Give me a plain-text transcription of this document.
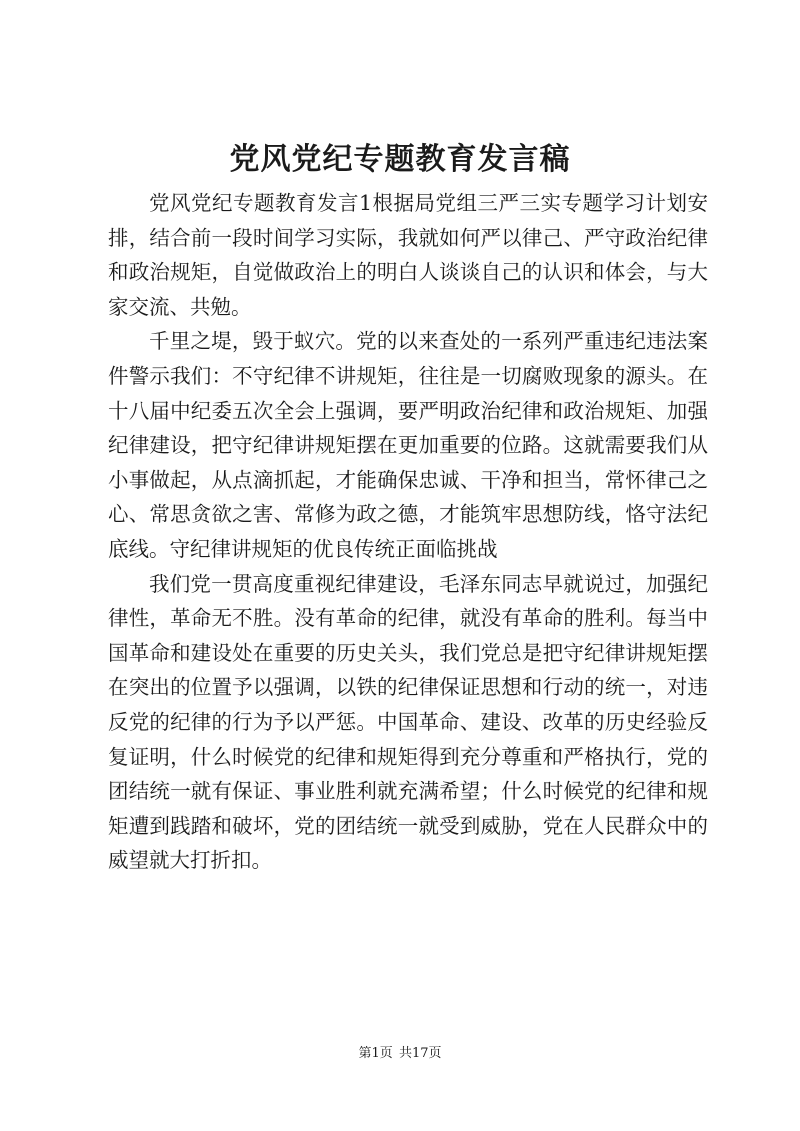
党风党纪专题教育发言稿

党风党纪专题教育发言1根据局党组三严三实专题学习计划安排，结合前一段时间学习实际，我就如何严以律己、严守政治纪律和政治规矩，自觉做政治上的明白人谈谈自己的认识和体会，与大家交流、共勉。

千里之堤，毁于蚁穴。党的以来查处的一系列严重违纪违法案件警示我们：不守纪律不讲规矩，往往是一切腐败现象的源头。在十八届中纪委五次全会上强调，要严明政治纪律和政治规矩、加强纪律建设，把守纪律讲规矩摆在更加重要的位路。这就需要我们从小事做起，从点滴抓起，才能确保忠诚、干净和担当，常怀律己之心、常思贪欲之害、常修为政之德，才能筑牢思想防线，恪守法纪底线。守纪律讲规矩的优良传统正面临挑战

我们党一贯高度重视纪律建设，毛泽东同志早就说过，加强纪律性，革命无不胜。没有革命的纪律，就没有革命的胜利。每当中国革命和建设处在重要的历史关头，我们党总是把守纪律讲规矩摆在突出的位置予以强调，以铁的纪律保证思想和行动的统一，对违反党的纪律的行为予以严惩。中国革命、建设、改革的历史经验反复证明，什么时候党的纪律和规矩得到充分尊重和严格执行，党的团结统一就有保证、事业胜利就充满希望；什么时候党的纪律和规矩遭到践踏和破坏，党的团结统一就受到威胁，党在人民群众中的威望就大打折扣。

第1页 共17页
